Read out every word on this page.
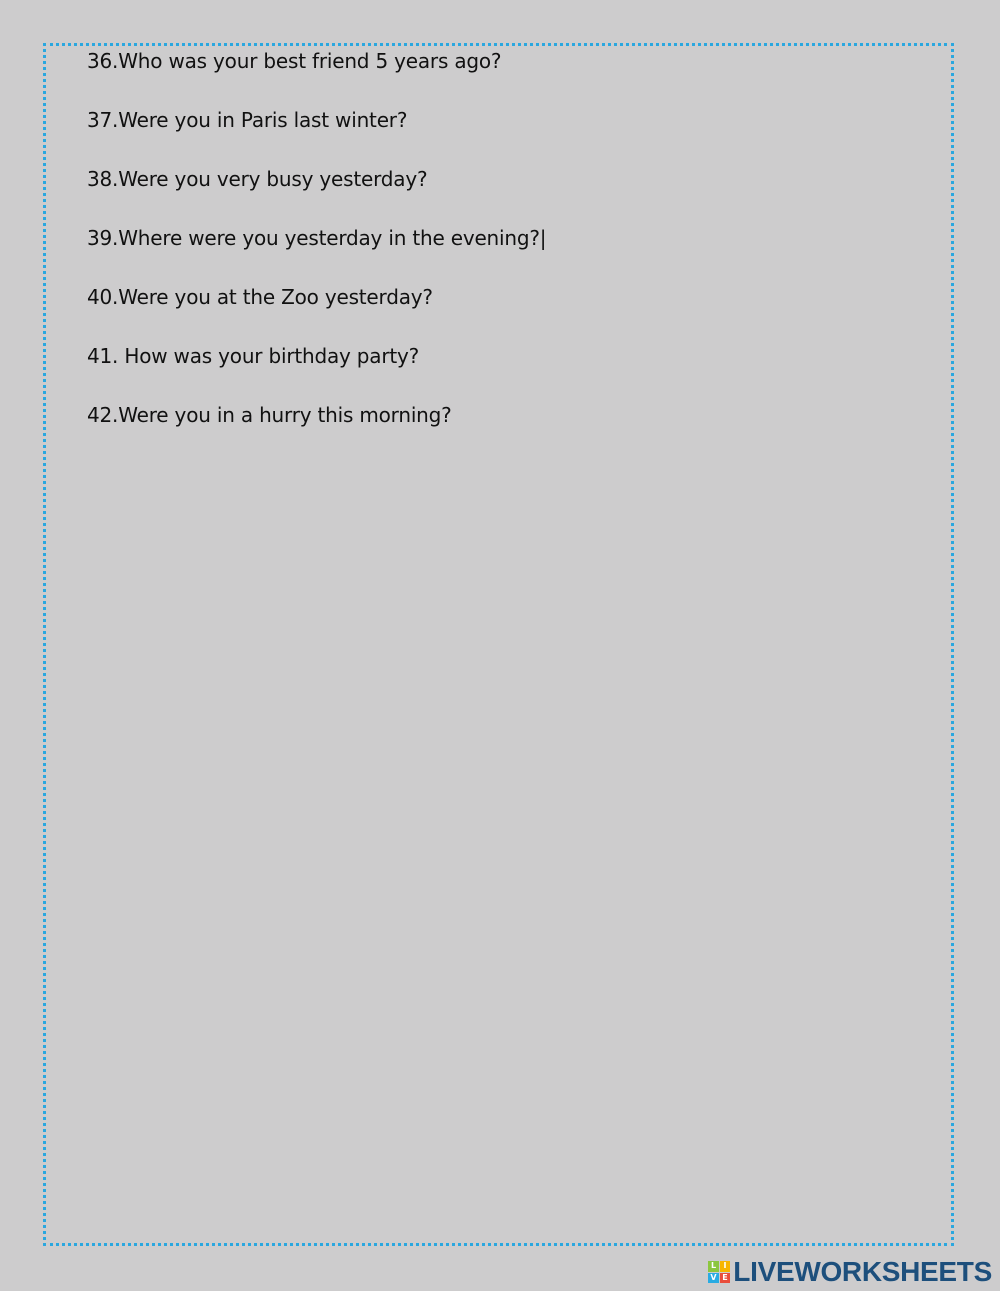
36.Who was your best friend 5 years ago?
37.Were you in Paris last winter?
38.Were you very busy yesterday?
39.Where were you yesterday in the evening?|
40.Were you at the Zoo yesterday?
41. How was your birthday party?
42.Were you in a hurry this morning?
L I
V E LIVEWORKSHEETS
